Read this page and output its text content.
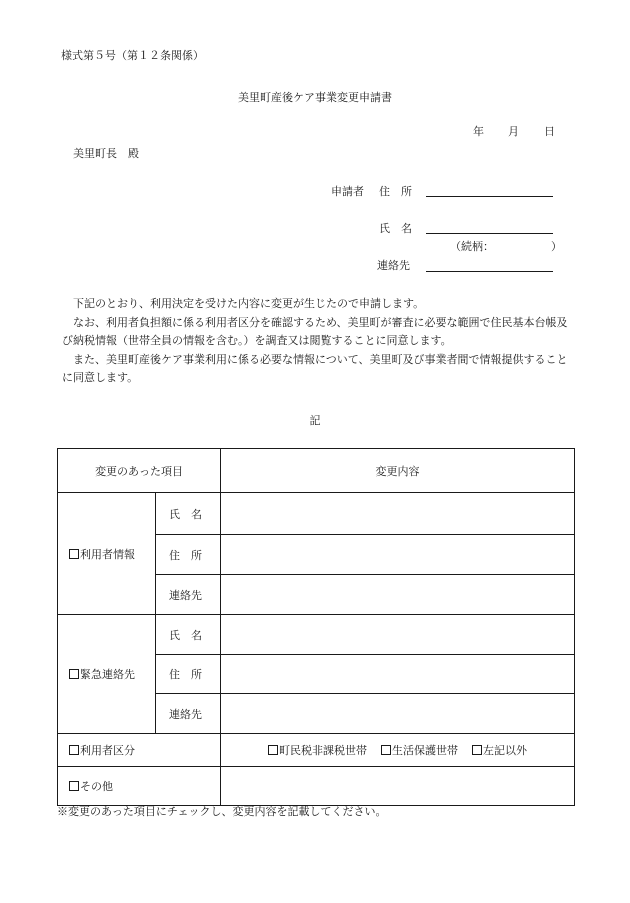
様式第５号（第１２条関係）
美里町産後ケア事業変更申請書
年 月 日
美里町長　殿
申請者 住　所
氏　名
（続柄：	）
連絡先

下記のとおり、利用決定を受けた内容に変更が生じたので申請します。

なお、利用者負担額に係る利用者区分を確認するため、美里町が審査に必要な範囲で住民基本台帳及び納税情報（世帯全員の情報を含む。）を調査又は閲覧することに同意します。

また、美里町産後ケア事業利用に係る必要な情報について、美里町及び事業者間で情報提供することに同意します。

記
変更のあった項目		変更内容
利用者情報	氏　名	
	住　所	
	連絡先	
緊急連絡先	氏　名	
	住　所	
	連絡先	
利用者区分		町民税非課税世帯 生活保護世帯 左記以外
その他		
※変更のあった項目にチェックし、変更内容を記載してください。
